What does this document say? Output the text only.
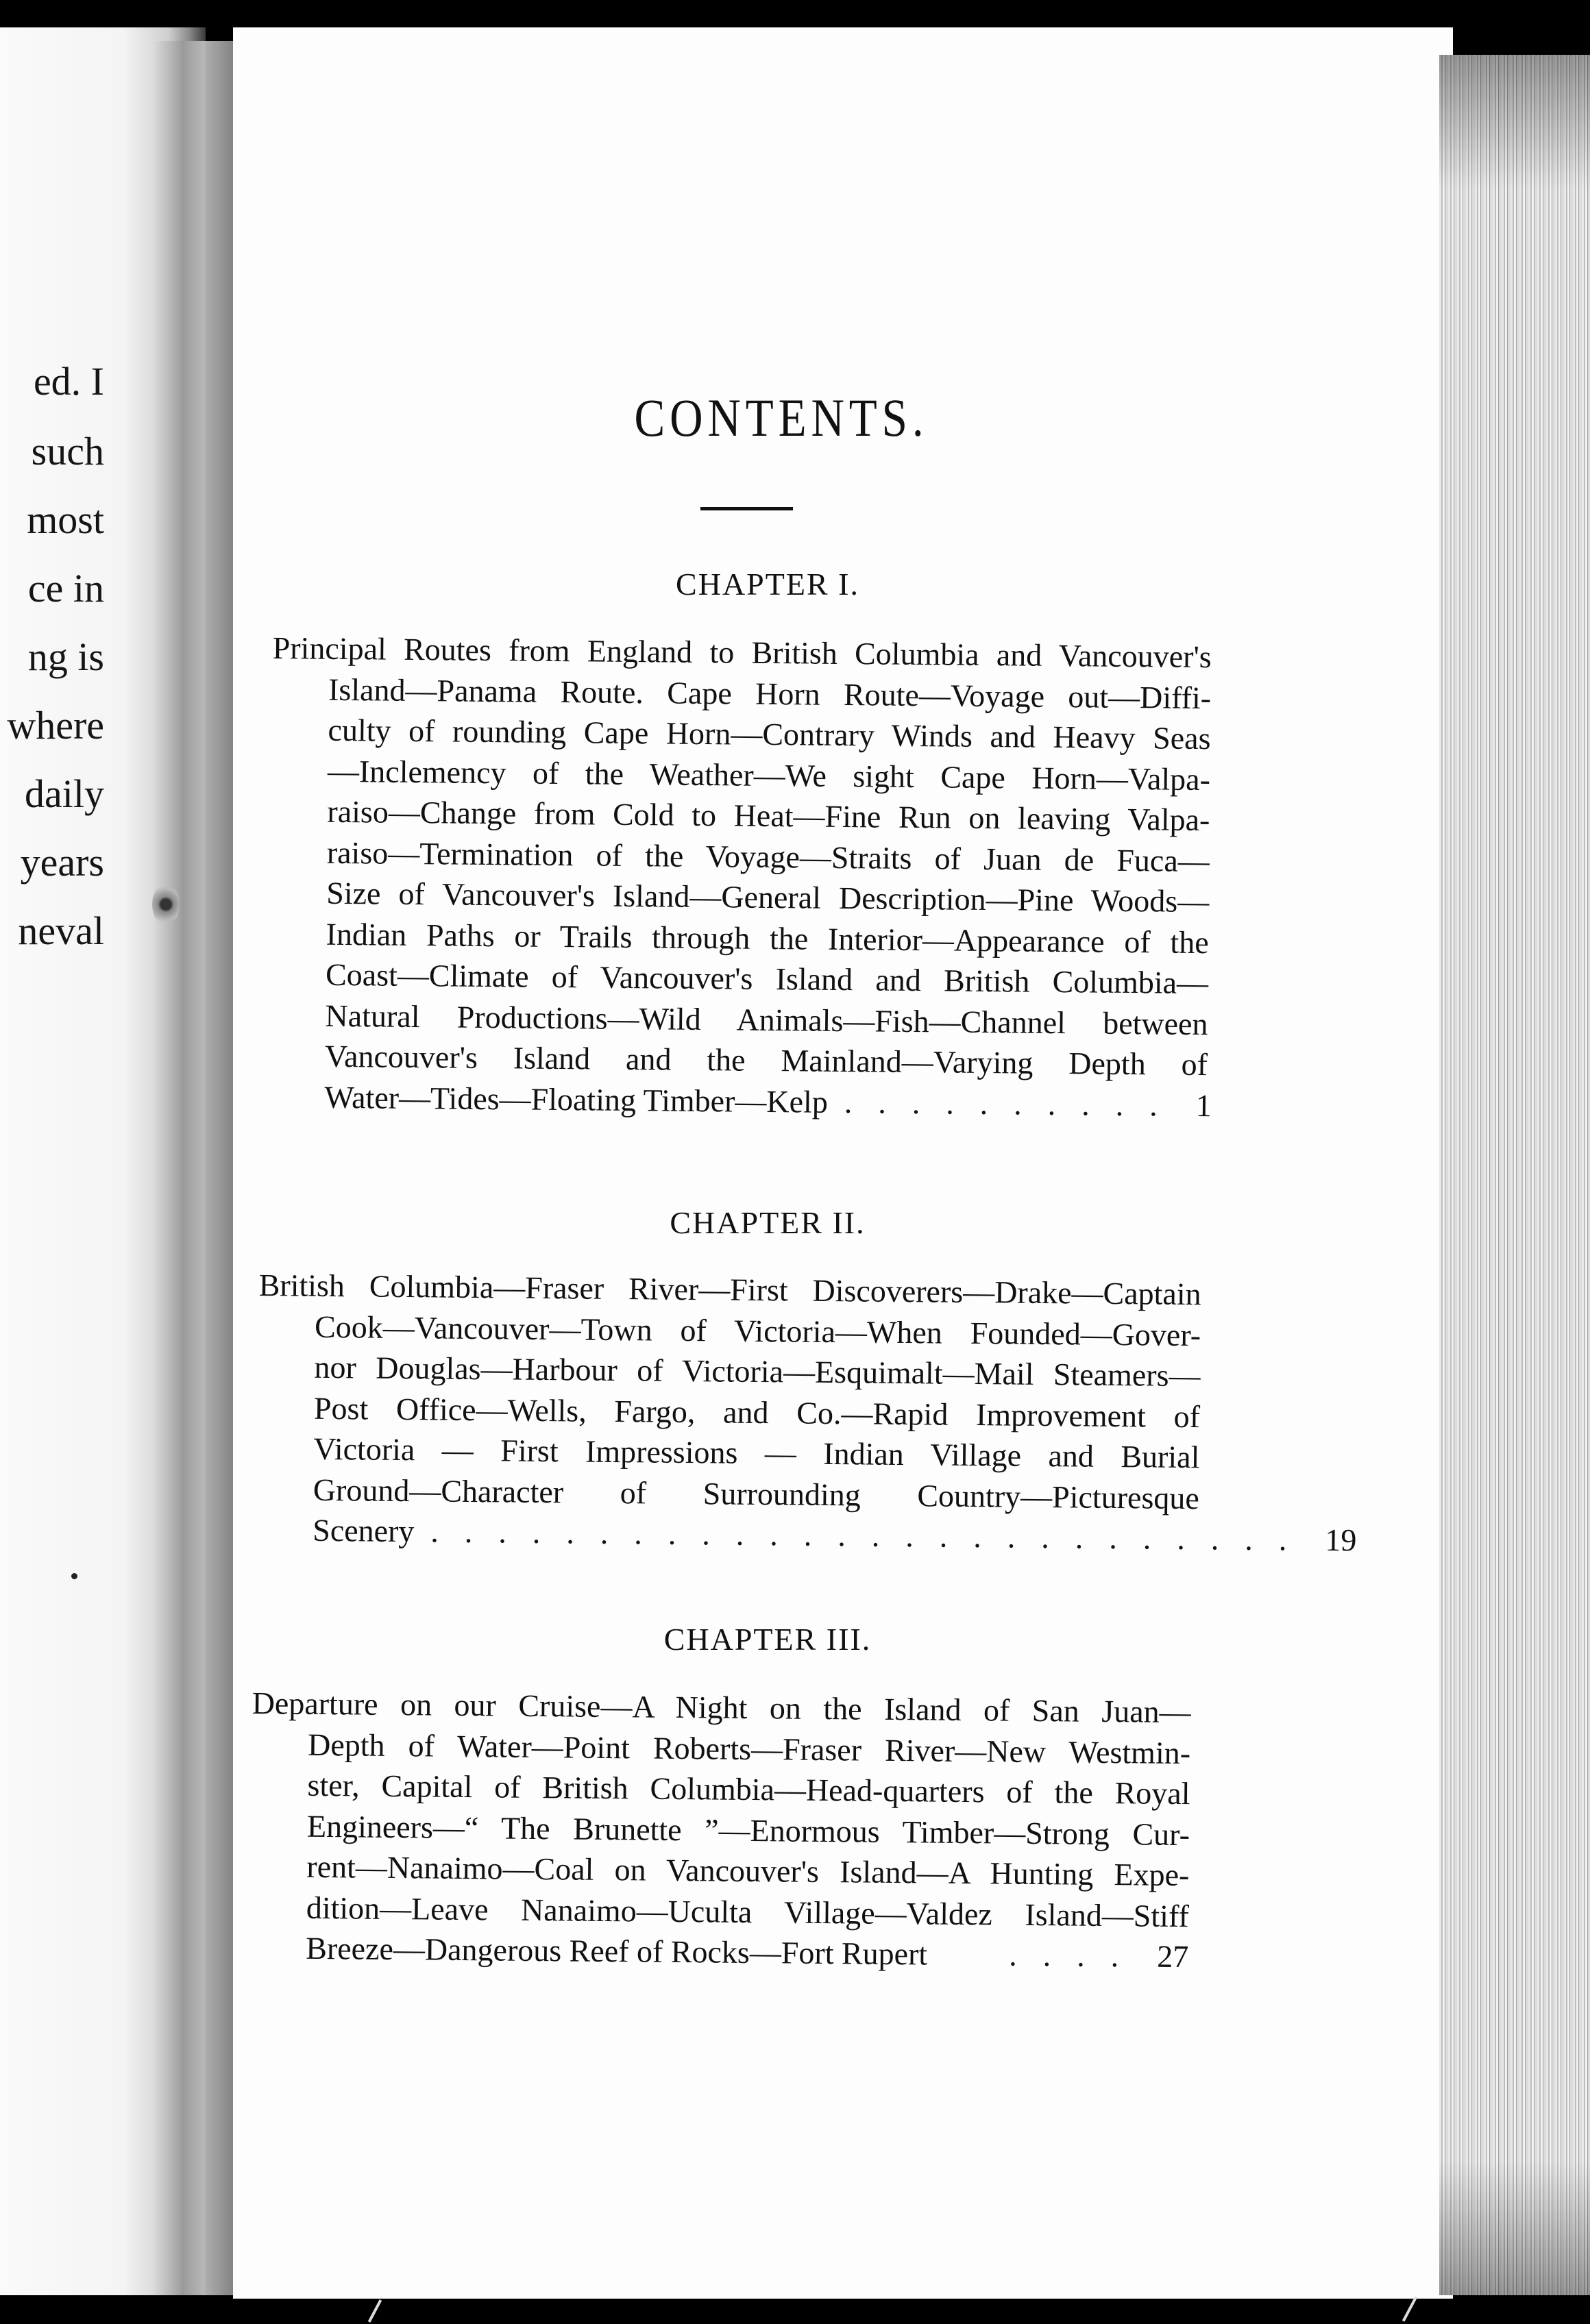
ed. I
such
most
ce in
ng is
where
daily
years
neval
CONTENTS.
CHAPTER I.
Principal Routes from England to British Columbia and Vancouver's
Island—Panama Route. Cape Horn Route—Voyage out—Diffi-
culty of rounding Cape Horn—Contrary Winds and Heavy Seas
—Inclemency of the Weather—We sight Cape Horn—Valpa-
raiso—Change from Cold to Heat—Fine Run on leaving Valpa-
raiso—Termination of the Voyage—Straits of Juan de Fuca—
Size of Vancouver's Island—General Description—Pine Woods—
Indian Paths or Trails through the Interior—Appearance of the
Coast—Climate of Vancouver's Island and British Columbia—
Natural Productions—Wild Animals—Fish—Channel between
Vancouver's Island and the Mainland—Varying Depth of
Water—Tides—Floating Timber—Kelp .......... 1
CHAPTER II.
British Columbia—Fraser River—First Discoverers—Drake—Captain
Cook—Vancouver—Town of Victoria—When Founded—Gover-
nor Douglas—Harbour of Victoria—Esquimalt—Mail Steamers—
Post Office—Wells, Fargo, and Co.—Rapid Improvement of
Victoria — First Impressions — Indian Village and Burial
Ground—Character of Surrounding Country—Picturesque
Scenery .......................... 19
CHAPTER III.
Departure on our Cruise—A Night on the Island of San Juan—
Depth of Water—Point Roberts—Fraser River—New Westmin-
ster, Capital of British Columbia—Head-quarters of the Royal
Engineers—“ The Brunette ”—Enormous Timber—Strong Cur-
rent—Nanaimo—Coal on Vancouver's Island—A Hunting Expe-
dition—Leave Nanaimo—Uculta Village—Valdez Island—Stiff
Breeze—Dangerous Reef of Rocks—Fort Rupert	.... 27
